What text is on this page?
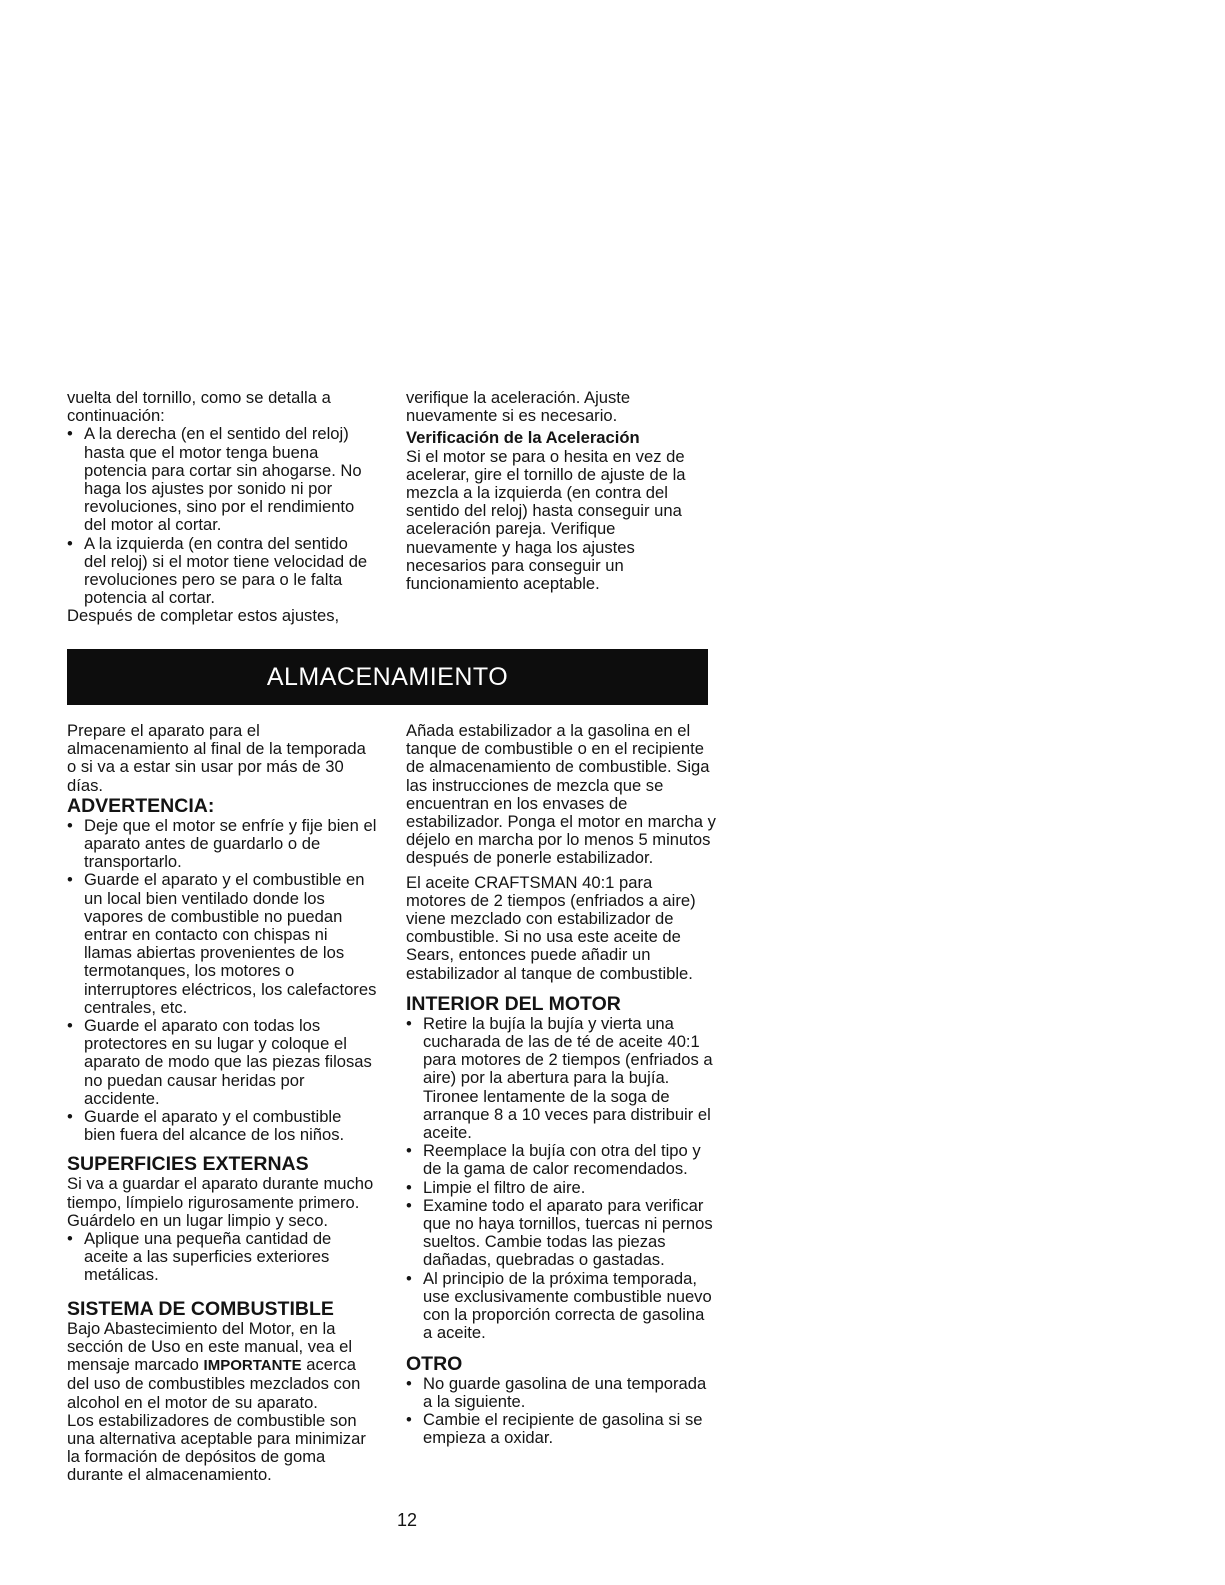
vuelta del tornillo, como se detalla a continuación:

• A la derecha (en el sentido del reloj) hasta que el motor tenga buena potencia para cortar sin ahogarse. No haga los ajustes por sonido ni por revoluciones, sino por el rendimiento del motor al cortar.

• A la izquierda (en contra del sentido del reloj) si el motor tiene velocidad de revoluciones pero se para o le falta potencia al cortar.

Después de completar estos ajustes,

verifique la aceleración. Ajuste nuevamente si es necesario.

Verificación de la Aceleración

Si el motor se para o hesita en vez de acelerar, gire el tornillo de ajuste de la mezcla a la izquierda (en contra del sentido del reloj) hasta conseguir una aceleración pareja. Verifique nuevamente y haga los ajustes necesarios para conseguir un funcionamiento aceptable.

ALMACENAMIENTO

Prepare el aparato para el almacenamiento al final de la temporada o si va a estar sin usar por más de 30 días.

ADVERTENCIA:

• Deje que el motor se enfríe y fije bien el aparato antes de guardarlo o de transportarlo.

• Guarde el aparato y el combustible en un local bien ventilado donde los vapores de combustible no puedan entrar en contacto con chispas ni llamas abiertas provenientes de los termotanques, los motores o interruptores eléctricos, los calefactores centrales, etc.

• Guarde el aparato con todas los protectores en su lugar y coloque el aparato de modo que las piezas filosas no puedan causar heridas por accidente.

• Guarde el aparato y el combustible bien fuera del alcance de los niños.

SUPERFICIES EXTERNAS

Si va a guardar el aparato durante mucho tiempo, límpielo rigurosamente primero. Guárdelo en un lugar limpio y seco.

• Aplique una pequeña cantidad de aceite a las superficies exteriores metálicas.

SISTEMA DE COMBUSTIBLE

Bajo Abastecimiento del Motor, en la sección de Uso en este manual, vea el mensaje marcado IMPORTANTE acerca del uso de combustibles mezclados con alcohol en el motor de su aparato.

Los estabilizadores de combustible son una alternativa aceptable para minimizar la formación de depósitos de goma durante el almacenamiento.

Añada estabilizador a la gasolina en el tanque de combustible o en el recipiente de almacenamiento de combustible. Siga las instrucciones de mezcla que se encuentran en los envases de estabilizador. Ponga el motor en marcha y déjelo en marcha por lo menos 5 minutos después de ponerle estabilizador.

El aceite CRAFTSMAN 40:1 para motores de 2 tiempos (enfriados a aire) viene mezclado con estabilizador de combustible. Si no usa este aceite de Sears, entonces puede añadir un estabilizador al tanque de combustible.

INTERIOR DEL MOTOR

• Retire la bujía la bujía y vierta una cucharada de las de té de aceite 40:1 para motores de 2 tiempos (enfriados a aire) por la abertura para la bujía. Tironee lentamente de la soga de arranque 8 a 10 veces para distribuir el aceite.

• Reemplace la bujía con otra del tipo y de la gama de calor recomendados.

• Limpie el filtro de aire.

• Examine todo el aparato para verificar que no haya tornillos, tuercas ni pernos sueltos. Cambie todas las piezas dañadas, quebradas o gastadas.

• Al principio de la próxima temporada, use exclusivamente combustible nuevo con la proporción correcta de gasolina a aceite.

OTRO

• No guarde gasolina de una temporada a la siguiente.

• Cambie el recipiente de gasolina si se empieza a oxidar.

12
